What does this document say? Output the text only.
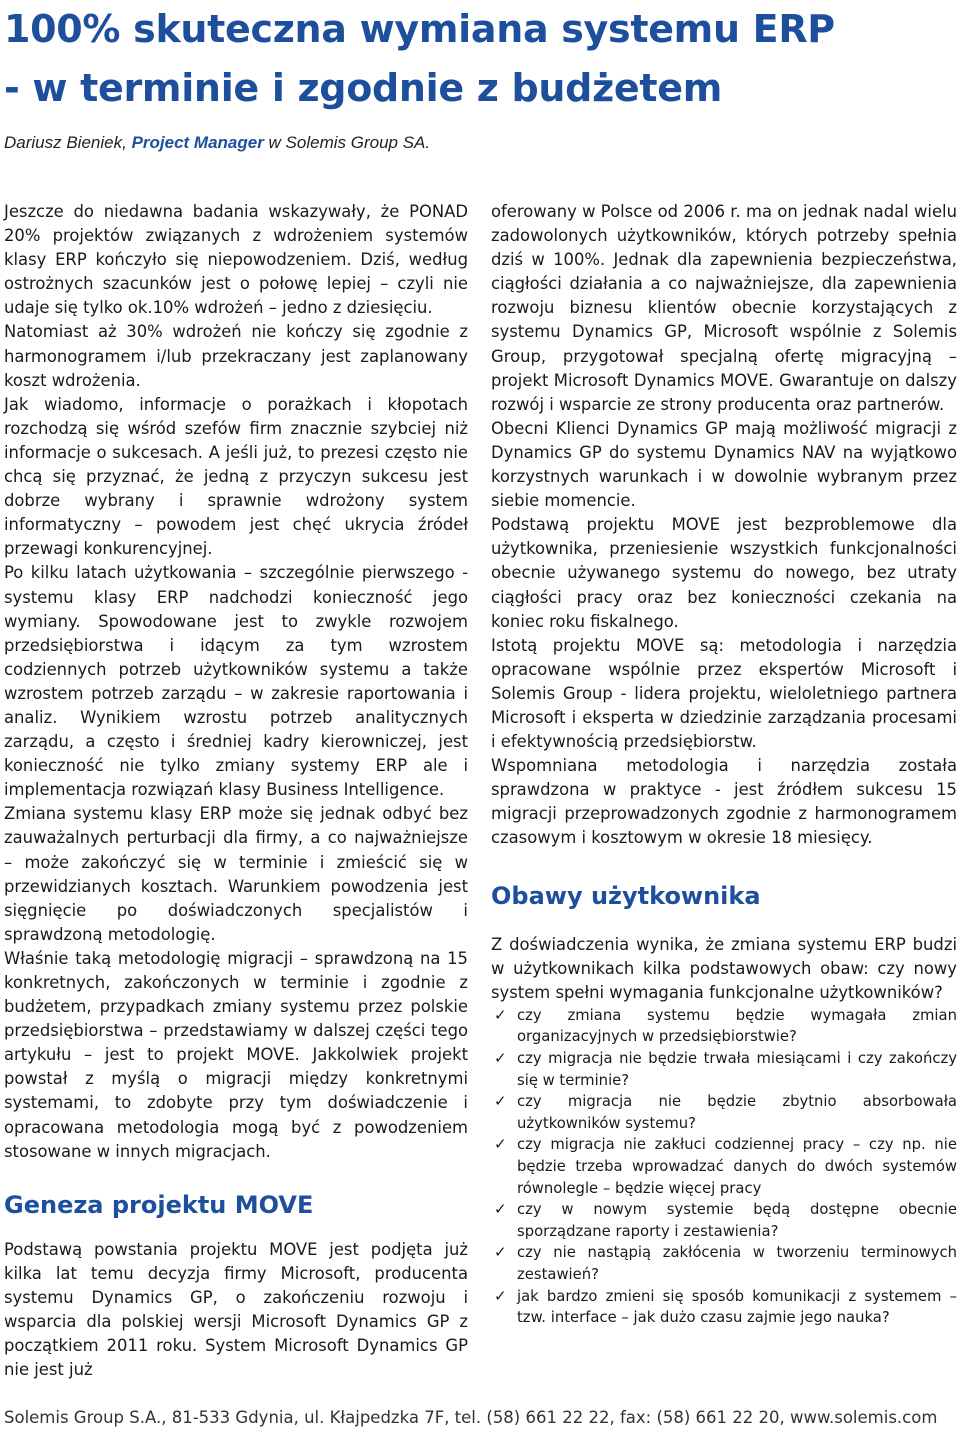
100% skuteczna wymiana systemu ERP
- w terminie i zgodnie z budżetem
Dariusz Bieniek, Project Manager w Solemis Group SA.

Jeszcze do niedawna badania wskazywały, że PONAD 20% projektów związanych z wdrożeniem systemów klasy ERP kończyło się niepowodzeniem. Dziś, według ostrożnych szacunków jest o połowę lepiej – czyli nie udaje się tylko ok.10% wdrożeń – jedno z dziesięciu.

Natomiast aż 30% wdrożeń nie kończy się zgodnie z harmonogramem i/lub przekraczany jest zaplanowany koszt wdrożenia.

Jak wiadomo, informacje o porażkach i kłopotach rozchodzą się wśród szefów firm znacznie szybciej niż informacje o sukcesach. A jeśli już, to prezesi często nie chcą się przyznać, że jedną z przyczyn sukcesu jest dobrze wybrany i sprawnie wdrożony system informatyczny – powodem jest chęć ukrycia źródeł przewagi konkurencyjnej.

Po kilku latach użytkowania – szczególnie pierwszego - systemu klasy ERP nadchodzi konieczność jego wymiany. Spowodowane jest to zwykle rozwojem przedsiębiorstwa i idącym za tym wzrostem codziennych potrzeb użytkowników systemu a także wzrostem potrzeb zarządu – w zakresie raportowania i analiz. Wynikiem wzrostu potrzeb analitycznych zarządu, a często i średniej kadry kierowniczej, jest konieczność nie tylko zmiany systemy ERP ale i implementacja rozwiązań klasy Business Intelligence.

Zmiana systemu klasy ERP może się jednak odbyć bez zauważalnych perturbacji dla firmy, a co najważniejsze – może zakończyć się w terminie i zmieścić się w przewidzianych kosztach. Warunkiem powodzenia jest sięgnięcie po doświadczonych specjalistów i sprawdzoną metodologię.

Właśnie taką metodologię migracji – sprawdzoną na 15 konkretnych, zakończonych w terminie i zgodnie z budżetem, przypadkach zmiany systemu przez polskie przedsiębiorstwa – przedstawiamy w dalszej części tego artykułu – jest to projekt MOVE. Jakkolwiek projekt powstał z myślą o migracji między konkretnymi systemami, to zdobyte przy tym doświadczenie i opracowana metodologia mogą być z powodzeniem stosowane w innych migracjach.

Geneza projektu MOVE

Podstawą powstania projektu MOVE jest podjęta już kilka lat temu decyzja firmy Microsoft, producenta systemu Dynamics GP, o zakończeniu rozwoju i wsparcia dla polskiej wersji Microsoft Dynamics GP z początkiem 2011 roku. System Microsoft Dynamics GP nie jest już

oferowany w Polsce od 2006 r. ma on jednak nadal wielu zadowolonych użytkowników, których potrzeby spełnia dziś w 100%. Jednak dla zapewnienia bezpieczeństwa, ciągłości działania a co najważniejsze, dla zapewnienia rozwoju biznesu klientów obecnie korzystających z systemu Dynamics GP, Microsoft wspólnie z Solemis Group, przygotował specjalną ofertę migracyjną – projekt Microsoft Dynamics MOVE. Gwarantuje on dalszy rozwój i wsparcie ze strony producenta oraz partnerów.

Obecni Klienci Dynamics GP mają możliwość migracji z Dynamics GP do systemu Dynamics NAV na wyjątkowo korzystnych warunkach i w dowolnie wybranym przez siebie momencie.

Podstawą projektu MOVE jest bezproblemowe dla użytkownika, przeniesienie wszystkich funkcjonalności obecnie używanego systemu do nowego, bez utraty ciągłości pracy oraz bez konieczności czekania na koniec roku fiskalnego.

Istotą projektu MOVE są: metodologia i narzędzia opracowane wspólnie przez ekspertów Microsoft i Solemis Group - lidera projektu, wieloletniego partnera Microsoft i eksperta w dziedzinie zarządzania procesami i efektywnością przedsiębiorstw.

Wspomniana metodologia i narzędzia została sprawdzona w praktyce - jest źródłem sukcesu 15 migracji przeprowadzonych zgodnie z harmonogramem czasowym i kosztowym w okresie 18 miesięcy.

Obawy użytkownika

Z doświadczenia wynika, że zmiana systemu ERP budzi w użytkownikach kilka podstawowych obaw: czy nowy system spełni wymagania funkcjonalne użytkowników?

✓ czy zmiana systemu będzie wymagała zmian organizacyjnych w przedsiębiorstwie?
✓ czy migracja nie będzie trwała miesiącami i czy zakończy się w terminie?
✓ czy migracja nie będzie zbytnio absorbowała użytkowników systemu?
✓ czy migracja nie zakłuci codziennej pracy – czy np. nie będzie trzeba wprowadzać danych do dwóch systemów równolegle – będzie więcej pracy
✓ czy w nowym systemie będą dostępne obecnie sporządzane raporty i zestawienia?
✓ czy nie nastąpią zakłócenia w tworzeniu terminowych zestawień?
✓ jak bardzo zmieni się sposób komunikacji z systemem – tzw. interface – jak dużo czasu zajmie jego nauka?
Solemis Group S.A., 81-533 Gdynia, ul. Kłajpedzka 7F, tel. (58) 661 22 22, fax: (58) 661 22 20, www.solemis.com
